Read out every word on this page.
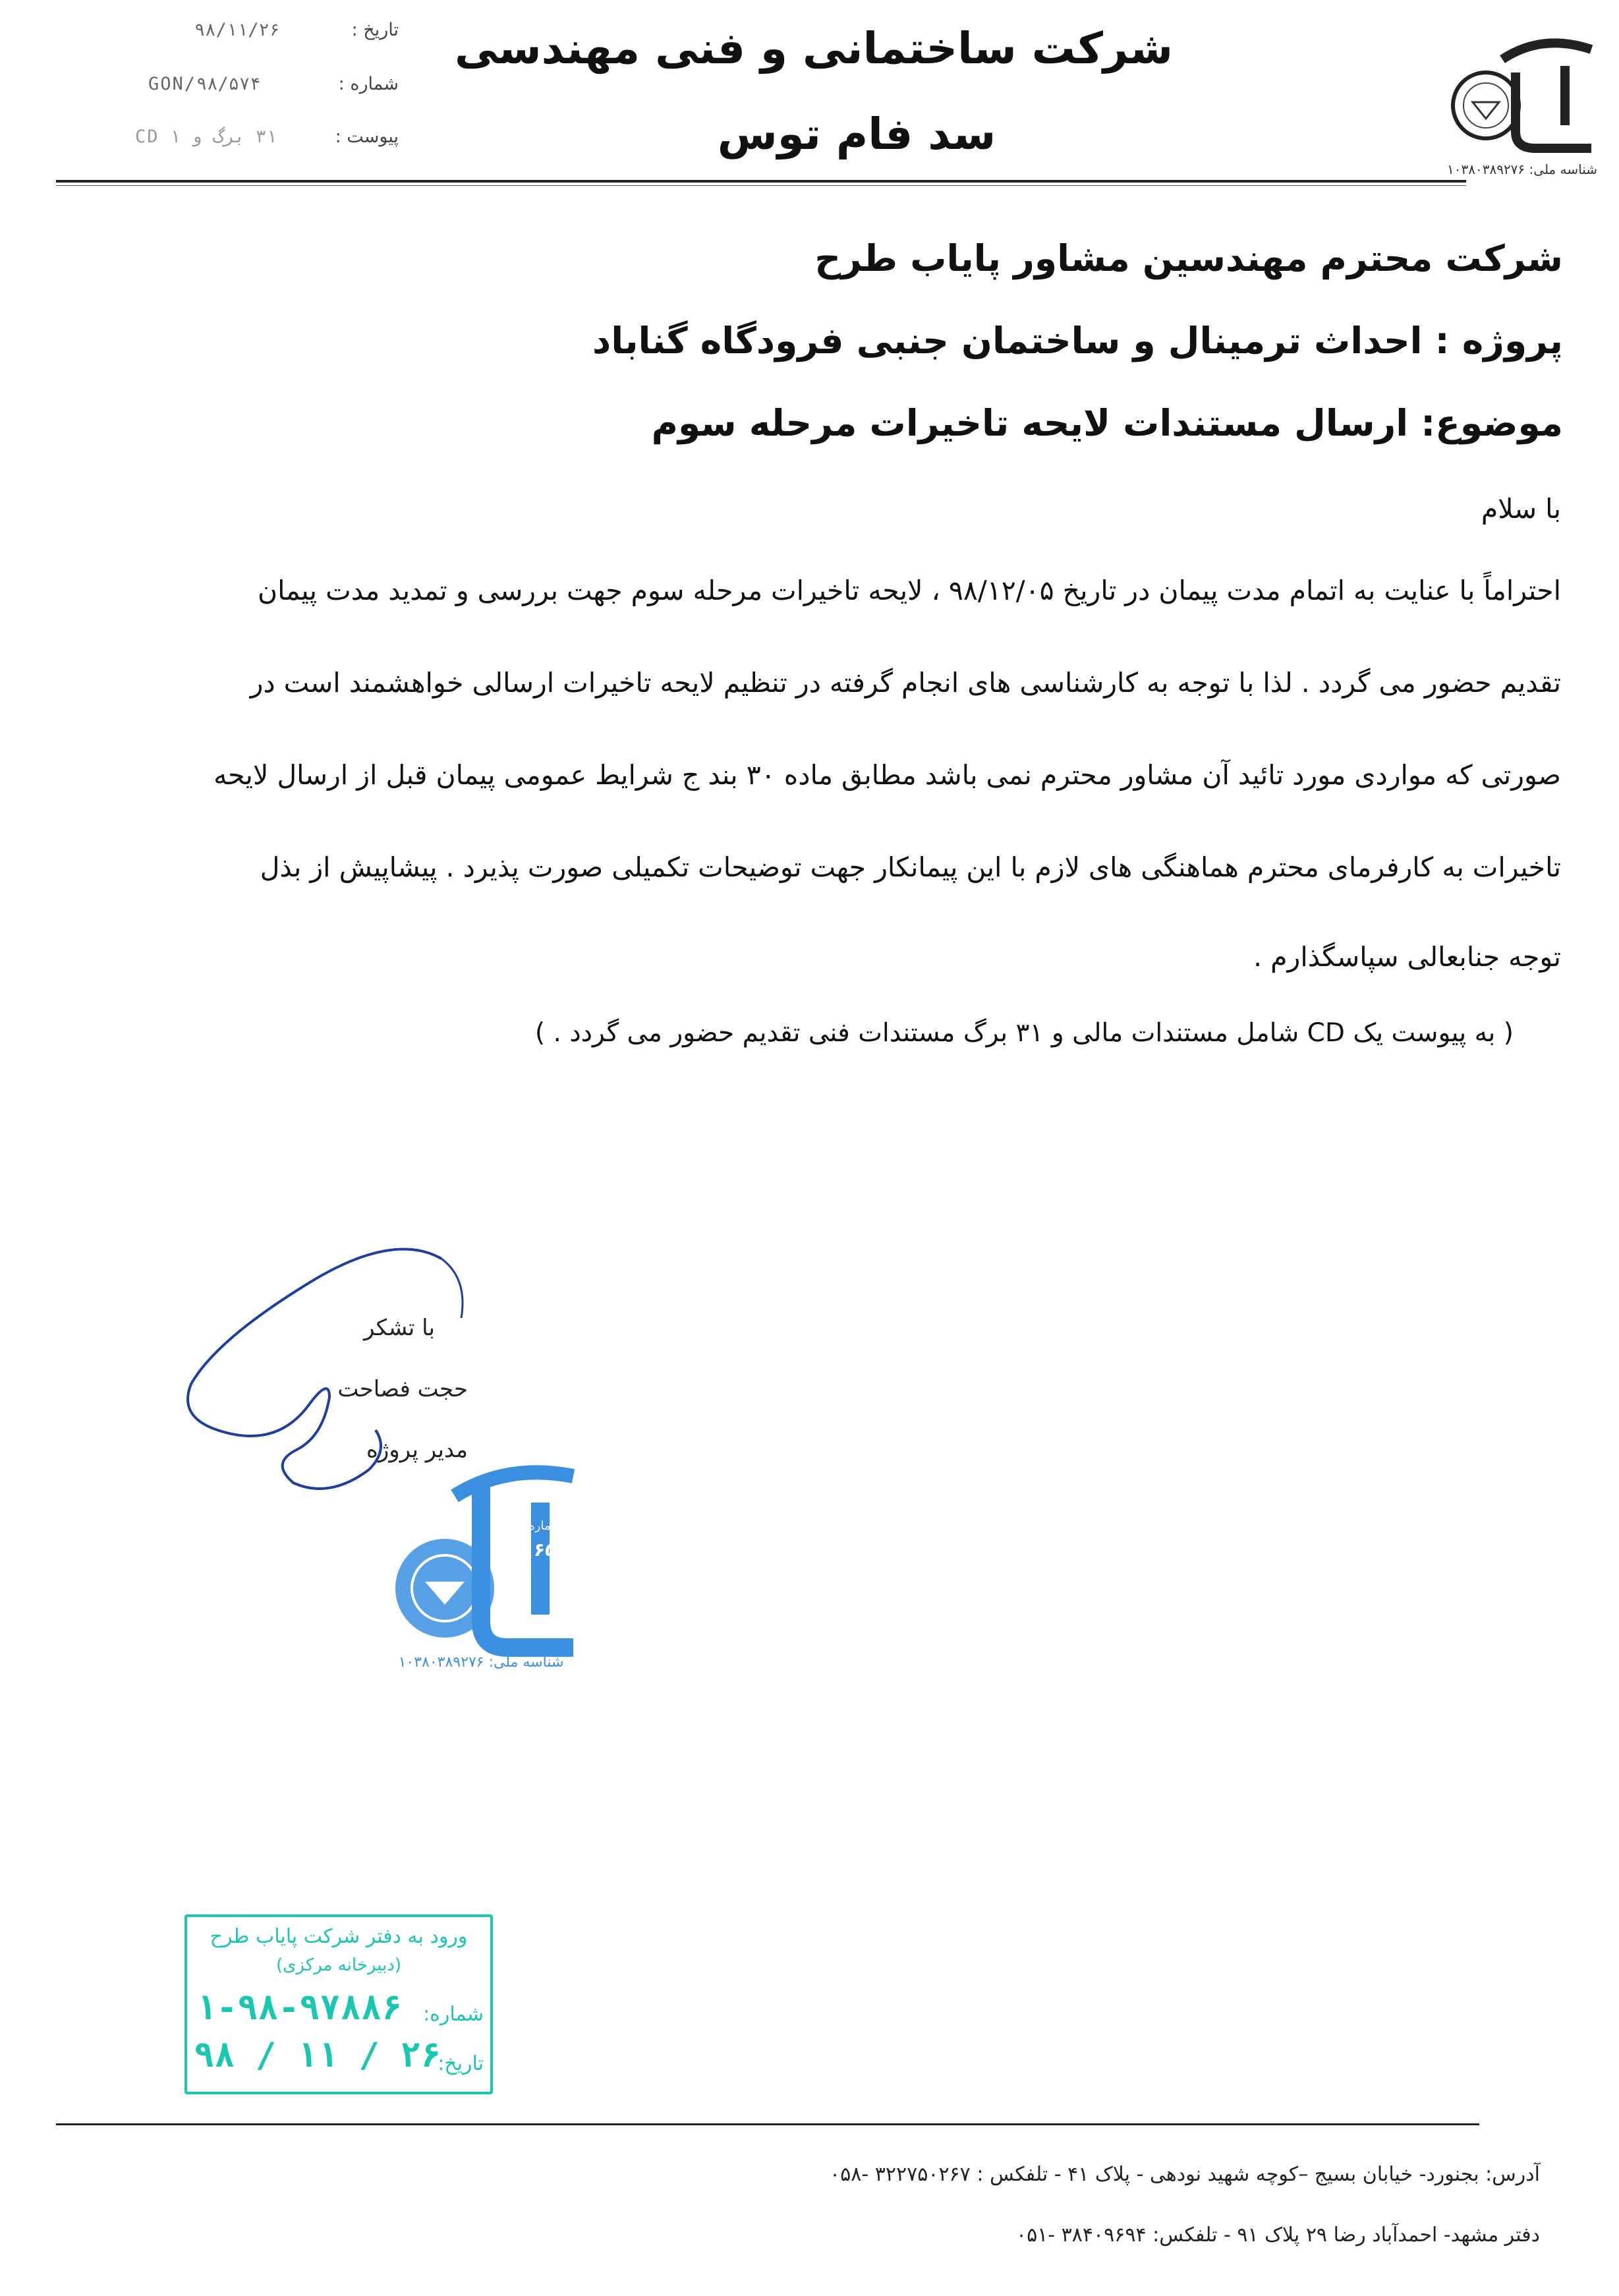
تاریخ :
۹۸/۱۱/۲۶
شماره :
GON/۹۸/۵۷۴
پیوست :
۳۱ برگ و ۱ CD
شرکت ساختمانی و فنی مهندسی
سد فام توس
شناسه ملی: ۱۰۳۸۰۳۸۹۲۷۶
شرکت محترم مهندسین مشاور پایاب طرح
پروژه : احداث ترمینال و ساختمان جنبی فرودگاه گناباد
موضوع: ارسال مستندات لایحه تاخیرات مرحله سوم
با سلام
احتراماً با عنایت به اتمام مدت پیمان در تاریخ ۹۸/۱۲/۰۵ ، لایحه تاخیرات مرحله سوم جهت بررسی و تمدید مدت پیمان
تقدیم حضور می گردد . لذا با توجه به کارشناسی های انجام گرفته در تنظیم لایحه تاخیرات ارسالی خواهشمند است در
صورتی که مواردی مورد تائید آن مشاور محترم نمی باشد مطابق ماده ۳۰ بند ج شرایط عمومی پیمان قبل از ارسال لایحه
تاخیرات به کارفرمای محترم هماهنگی های لازم با این پیمانکار جهت توضیحات تکمیلی صورت پذیرد . پیشاپیش از بذل
توجه جنابعالی سپاسگذارم .
( به پیوست یک CD شامل مستندات مالی و ۳۱ برگ مستندات فنی تقدیم حضور می گردد . )
با تشکر
حجت فصاحت
مدیر پروژه
شماره ثبت
۴۰۶۵
شناسه ملی: ۱۰۳۸۰۳۸۹۲۷۶
ورود به دفتر شرکت پایاب طرح
(دبیرخانه مرکزی)
شماره:
۱-۹۸-۹۷۸۸۶
تاریخ:
۹۸ / ۱۱ / ۲۶
آدرس: بجنورد- خیابان بسیج –کوچه شهید نودهی - پلاک ۴۱ - تلفکس : ۳۲۲۷۵۰۲۶۷ -۰۵۸
دفتر مشهد- احمدآباد رضا ۲۹ پلاک ۹۱ - تلفکس: ۳۸۴۰۹۶۹۴ -۰۵۱
